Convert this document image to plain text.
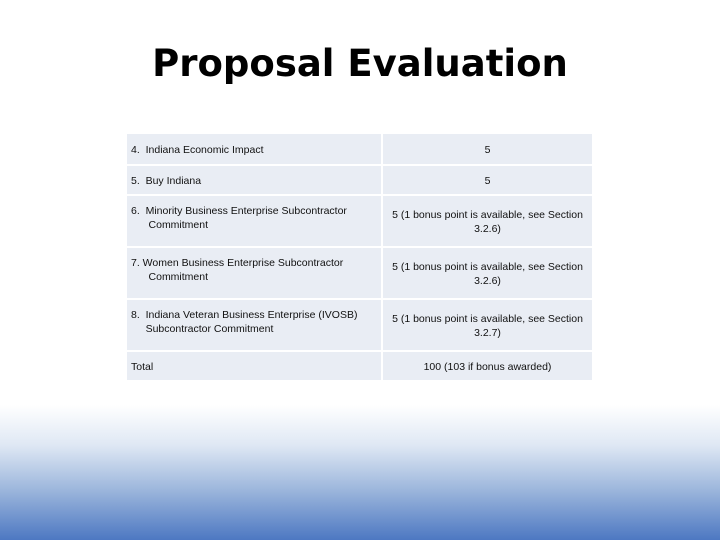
Proposal Evaluation
4.  Indiana Economic Impact	5

5.  Buy Indiana	5

6.  Minority Business Enterprise Subcontractor
Commitment	5 (1 bonus point is available, see Section 3.2.6)

7. Women Business Enterprise Subcontractor
Commitment	5 (1 bonus point is available, see Section 3.2.6)

8.  Indiana Veteran Business Enterprise (IVOSB)
Subcontractor Commitment	5 (1 bonus point is available, see Section 3.2.7)

Total	100 (103 if bonus awarded)
